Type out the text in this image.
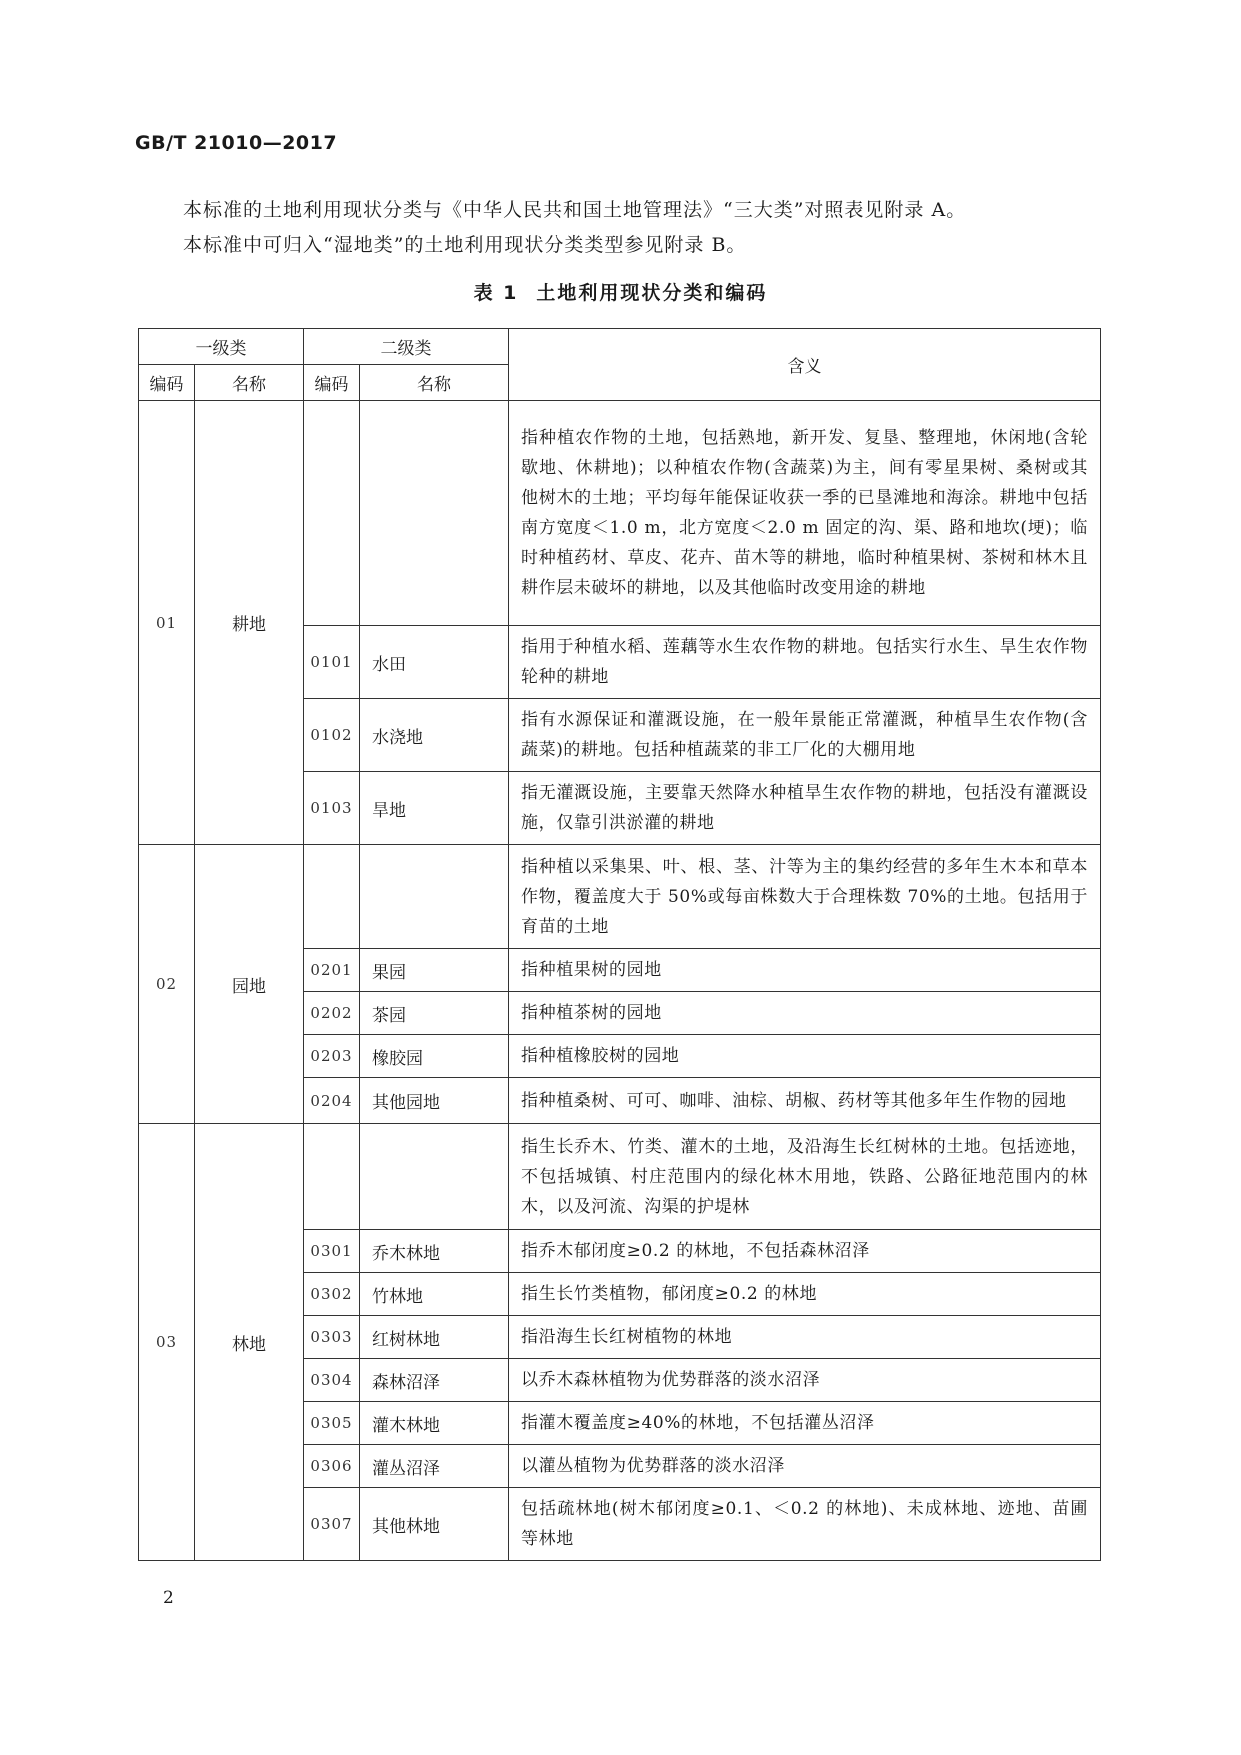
GB/T 21010—2017
本标准的土地利用现状分类与《中华人民共和国土地管理法》“三大类”对照表见附录 A。
本标准中可归入“湿地类”的土地利用现状分类类型参见附录 B。
表 1 土地利用现状分类和编码
一级类		二级类		含义
编码	名称	编码	名称	
01	耕地			指种植农作物的土地，包括熟地，新开发、复垦、整理地，休闲地(含轮歇地、休耕地)；以种植农作物(含蔬菜)为主，间有零星果树、桑树或其他树木的土地；平均每年能保证收获一季的已垦滩地和海涂。耕地中包括南方宽度＜1.0 m，北方宽度＜2.0 m 固定的沟、渠、路和地坎(埂)；临时种植药材、草皮、花卉、苗木等的耕地，临时种植果树、茶树和林木且耕作层未破坏的耕地，以及其他临时改变用途的耕地
		0101	水田	指用于种植水稻、莲藕等水生农作物的耕地。包括实行水生、旱生农作物轮种的耕地
		0102	水浇地	指有水源保证和灌溉设施，在一般年景能正常灌溉，种植旱生农作物(含蔬菜)的耕地。包括种植蔬菜的非工厂化的大棚用地
		0103	旱地	指无灌溉设施，主要靠天然降水种植旱生农作物的耕地，包括没有灌溉设施，仅靠引洪淤灌的耕地
02	园地			指种植以采集果、叶、根、茎、汁等为主的集约经营的多年生木本和草本作物，覆盖度大于 50%或每亩株数大于合理株数 70%的土地。包括用于育苗的土地
		0201	果园	指种植果树的园地
		0202	茶园	指种植茶树的园地
		0203	橡胶园	指种植橡胶树的园地
		0204	其他园地	指种植桑树、可可、咖啡、油棕、胡椒、药材等其他多年生作物的园地
03	林地			指生长乔木、竹类、灌木的土地，及沿海生长红树林的土地。包括迹地，不包括城镇、村庄范围内的绿化林木用地，铁路、公路征地范围内的林木，以及河流、沟渠的护堤林
		0301	乔木林地	指乔木郁闭度≥0.2 的林地，不包括森林沼泽
		0302	竹林地	指生长竹类植物，郁闭度≥0.2 的林地
		0303	红树林地	指沿海生长红树植物的林地
		0304	森林沼泽	以乔木森林植物为优势群落的淡水沼泽
		0305	灌木林地	指灌木覆盖度≥40%的林地，不包括灌丛沼泽
		0306	灌丛沼泽	以灌丛植物为优势群落的淡水沼泽
		0307	其他林地	包括疏林地(树木郁闭度≥0.1、＜0.2 的林地)、未成林地、迹地、苗圃等林地
2
